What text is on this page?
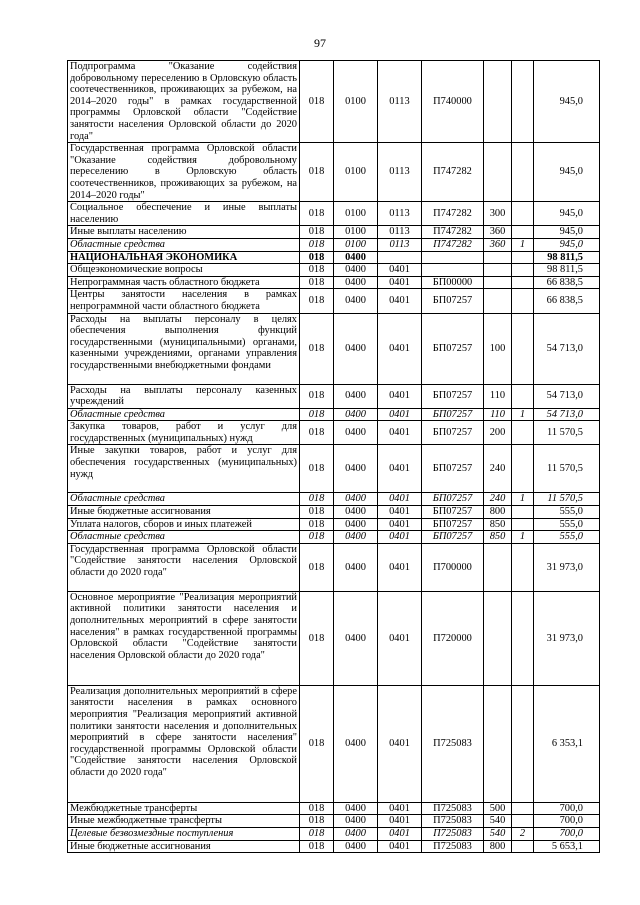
97
Подпрограмма "Оказание содействия добровольному переселению в Орловскую область соотечественников, проживающих за рубежом, на 2014–2020 годы" в рамках государственной программы Орловской области "Содействие занятости населения Орловской области до 2020 года"	018	0100	0113	П740000			945,0
Государственная программа Орловской области "Оказание содействия добровольному переселению в Орловскую область соотечественников, проживающих за рубежом, на 2014–2020 годы"	018	0100	0113	П747282			945,0
Социальное обеспечение и иные выплаты населению	018	0100	0113	П747282	300		945,0
Иные выплаты населению	018	0100	0113	П747282	360		945,0
Областные средства	018	0100	0113	П747282	360	1	945,0
НАЦИОНАЛЬНАЯ ЭКОНОМИКА	018	0400					98 811,5
Общеэкономические вопросы	018	0400	0401				98 811,5
Непрограммная часть областного бюджета	018	0400	0401	БП00000			66 838,5
Центры занятости населения в рамках непрограммной части областного бюджета	018	0400	0401	БП07257			66 838,5
Расходы на выплаты персоналу в целях обеспечения выполнения функций государственными (муниципальными) органами, казенными учреждениями, органами управления государственными внебюджетными фондами	018	0400	0401	БП07257	100		54 713,0
Расходы на выплаты персоналу казенных учреждений	018	0400	0401	БП07257	110		54 713,0
Областные средства	018	0400	0401	БП07257	110	1	54 713,0
Закупка товаров, работ и услуг для государственных (муниципальных) нужд	018	0400	0401	БП07257	200		11 570,5
Иные закупки товаров, работ и услуг для обеспечения государственных (муниципальных) нужд	018	0400	0401	БП07257	240		11 570,5
Областные средства	018	0400	0401	БП07257	240	1	11 570,5
Иные бюджетные ассигнования	018	0400	0401	БП07257	800		555,0
Уплата налогов, сборов и иных платежей	018	0400	0401	БП07257	850		555,0
Областные средства	018	0400	0401	БП07257	850	1	555,0
Государственная программа Орловской области "Содействие занятости населения Орловской области до 2020 года"	018	0400	0401	П700000			31 973,0
Основное мероприятие "Реализация мероприятий активной политики занятости населения и дополнительных мероприятий в сфере занятости населения" в рамках государственной программы Орловской области "Содействие занятости населения Орловской области до 2020 года"	018	0400	0401	П720000			31 973,0
Реализация дополнительных мероприятий в сфере занятости населения в рамках основного мероприятия "Реализация мероприятий активной политики занятости населения и дополнительных мероприятий в сфере занятости населения" государственной программы Орловской области "Содействие занятости населения Орловской области до 2020 года"	018	0400	0401	П725083			6 353,1
Межбюджетные трансферты	018	0400	0401	П725083	500		700,0
Иные межбюджетные трансферты	018	0400	0401	П725083	540		700,0
Целевые безвозмездные поступления	018	0400	0401	П725083	540	2	700,0
Иные бюджетные ассигнования	018	0400	0401	П725083	800		5 653,1
